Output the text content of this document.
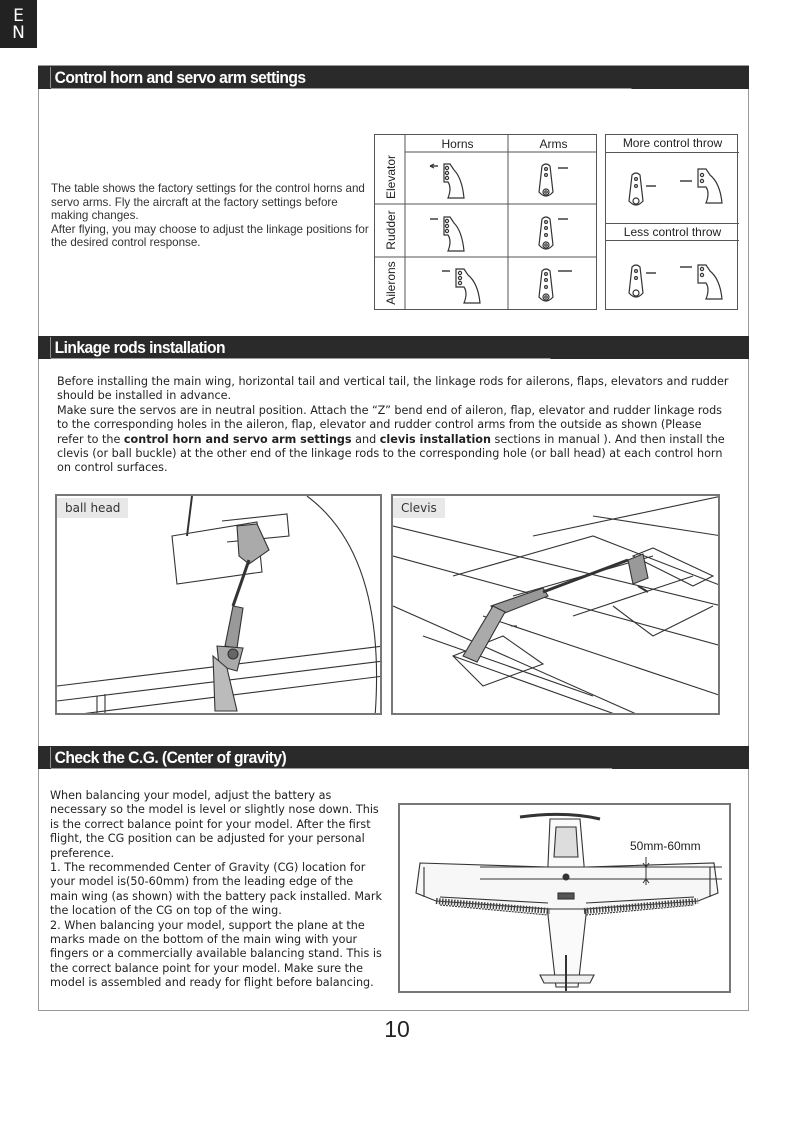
E
N
Control horn and servo arm settings
The table shows the factory settings for the control horns and servo arms. Fly the aircraft at the factory settings before making changes.
After flying, you may choose to adjust the linkage positions for the desired control response.
Horns	Arms
Elevator
Rudder
Ailerons
More control throw
Less control throw
Linkage rods installation
Before installing the main wing, horizontal tail and vertical tail, the linkage rods for ailerons, flaps, elevators and rudder should be installed in advance.
Make sure the servos are in neutral position. Attach the “Z” bend end of aileron, flap, elevator and rudder linkage rods to the corresponding holes in the aileron, flap, elevator and rudder control arms from the outside as shown (Please refer to the control horn and servo arm settings and clevis installation sections in manual ). And then install the clevis (or ball buckle) at the other end of the linkage rods to the corresponding hole (or ball head) at each control horn on control surfaces.
ball head	Clevis
Check the C.G. (Center of gravity)
When balancing your model, adjust the battery as necessary so the model is level or slightly nose down. This is the correct balance point for your model. After the first flight, the CG position can be adjusted for your personal preference.
1. The recommended Center of Gravity (CG) location for your model is(50-60mm) from the leading edge of the main wing (as shown) with the battery pack installed. Mark the location of the CG on top of the wing.
2. When balancing your model, support the plane at the marks made on the bottom of the main wing with your fingers or a commercially available balancing stand. This is the correct balance point for your model. Make sure the model is assembled and ready for flight before balancing.
50mm-60mm
10
